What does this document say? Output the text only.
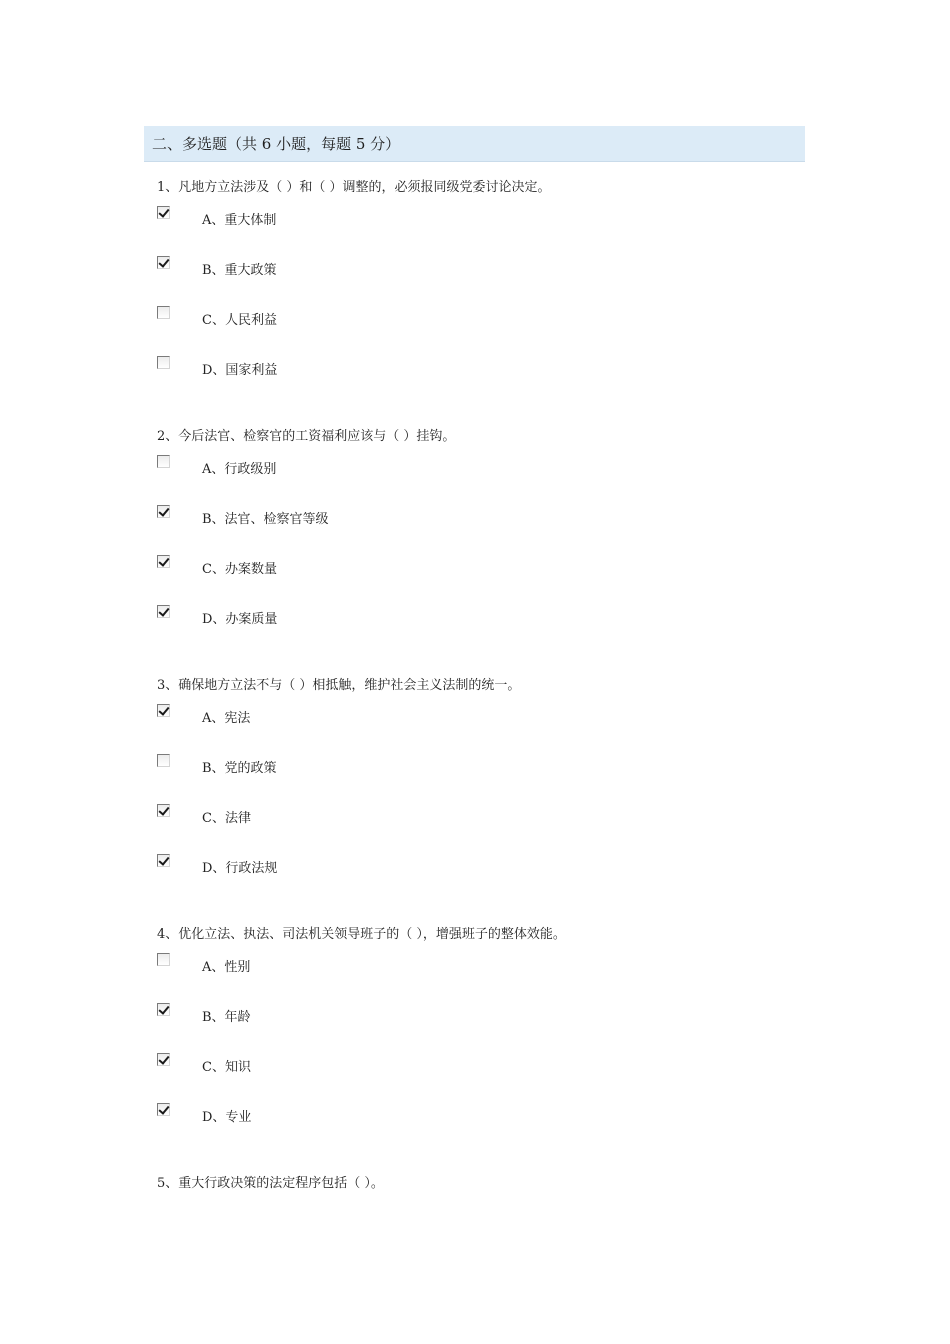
二、多选题（共 6 小题，每题 5 分）
1、凡地方立法涉及（ ）和（ ）调整的，必须报同级党委讨论决定。
A、重大体制
B、重大政策
C、人民利益
D、国家利益
2、今后法官、检察官的工资福利应该与（ ）挂钩。
A、行政级别
B、法官、检察官等级
C、办案数量
D、办案质量
3、确保地方立法不与（ ）相抵触，维护社会主义法制的统一。
A、宪法
B、党的政策
C、法律
D、行政法规
4、优化立法、执法、司法机关领导班子的（ ），增强班子的整体效能。
A、性别
B、年龄
C、知识
D、专业
5、重大行政决策的法定程序包括（ ）。
